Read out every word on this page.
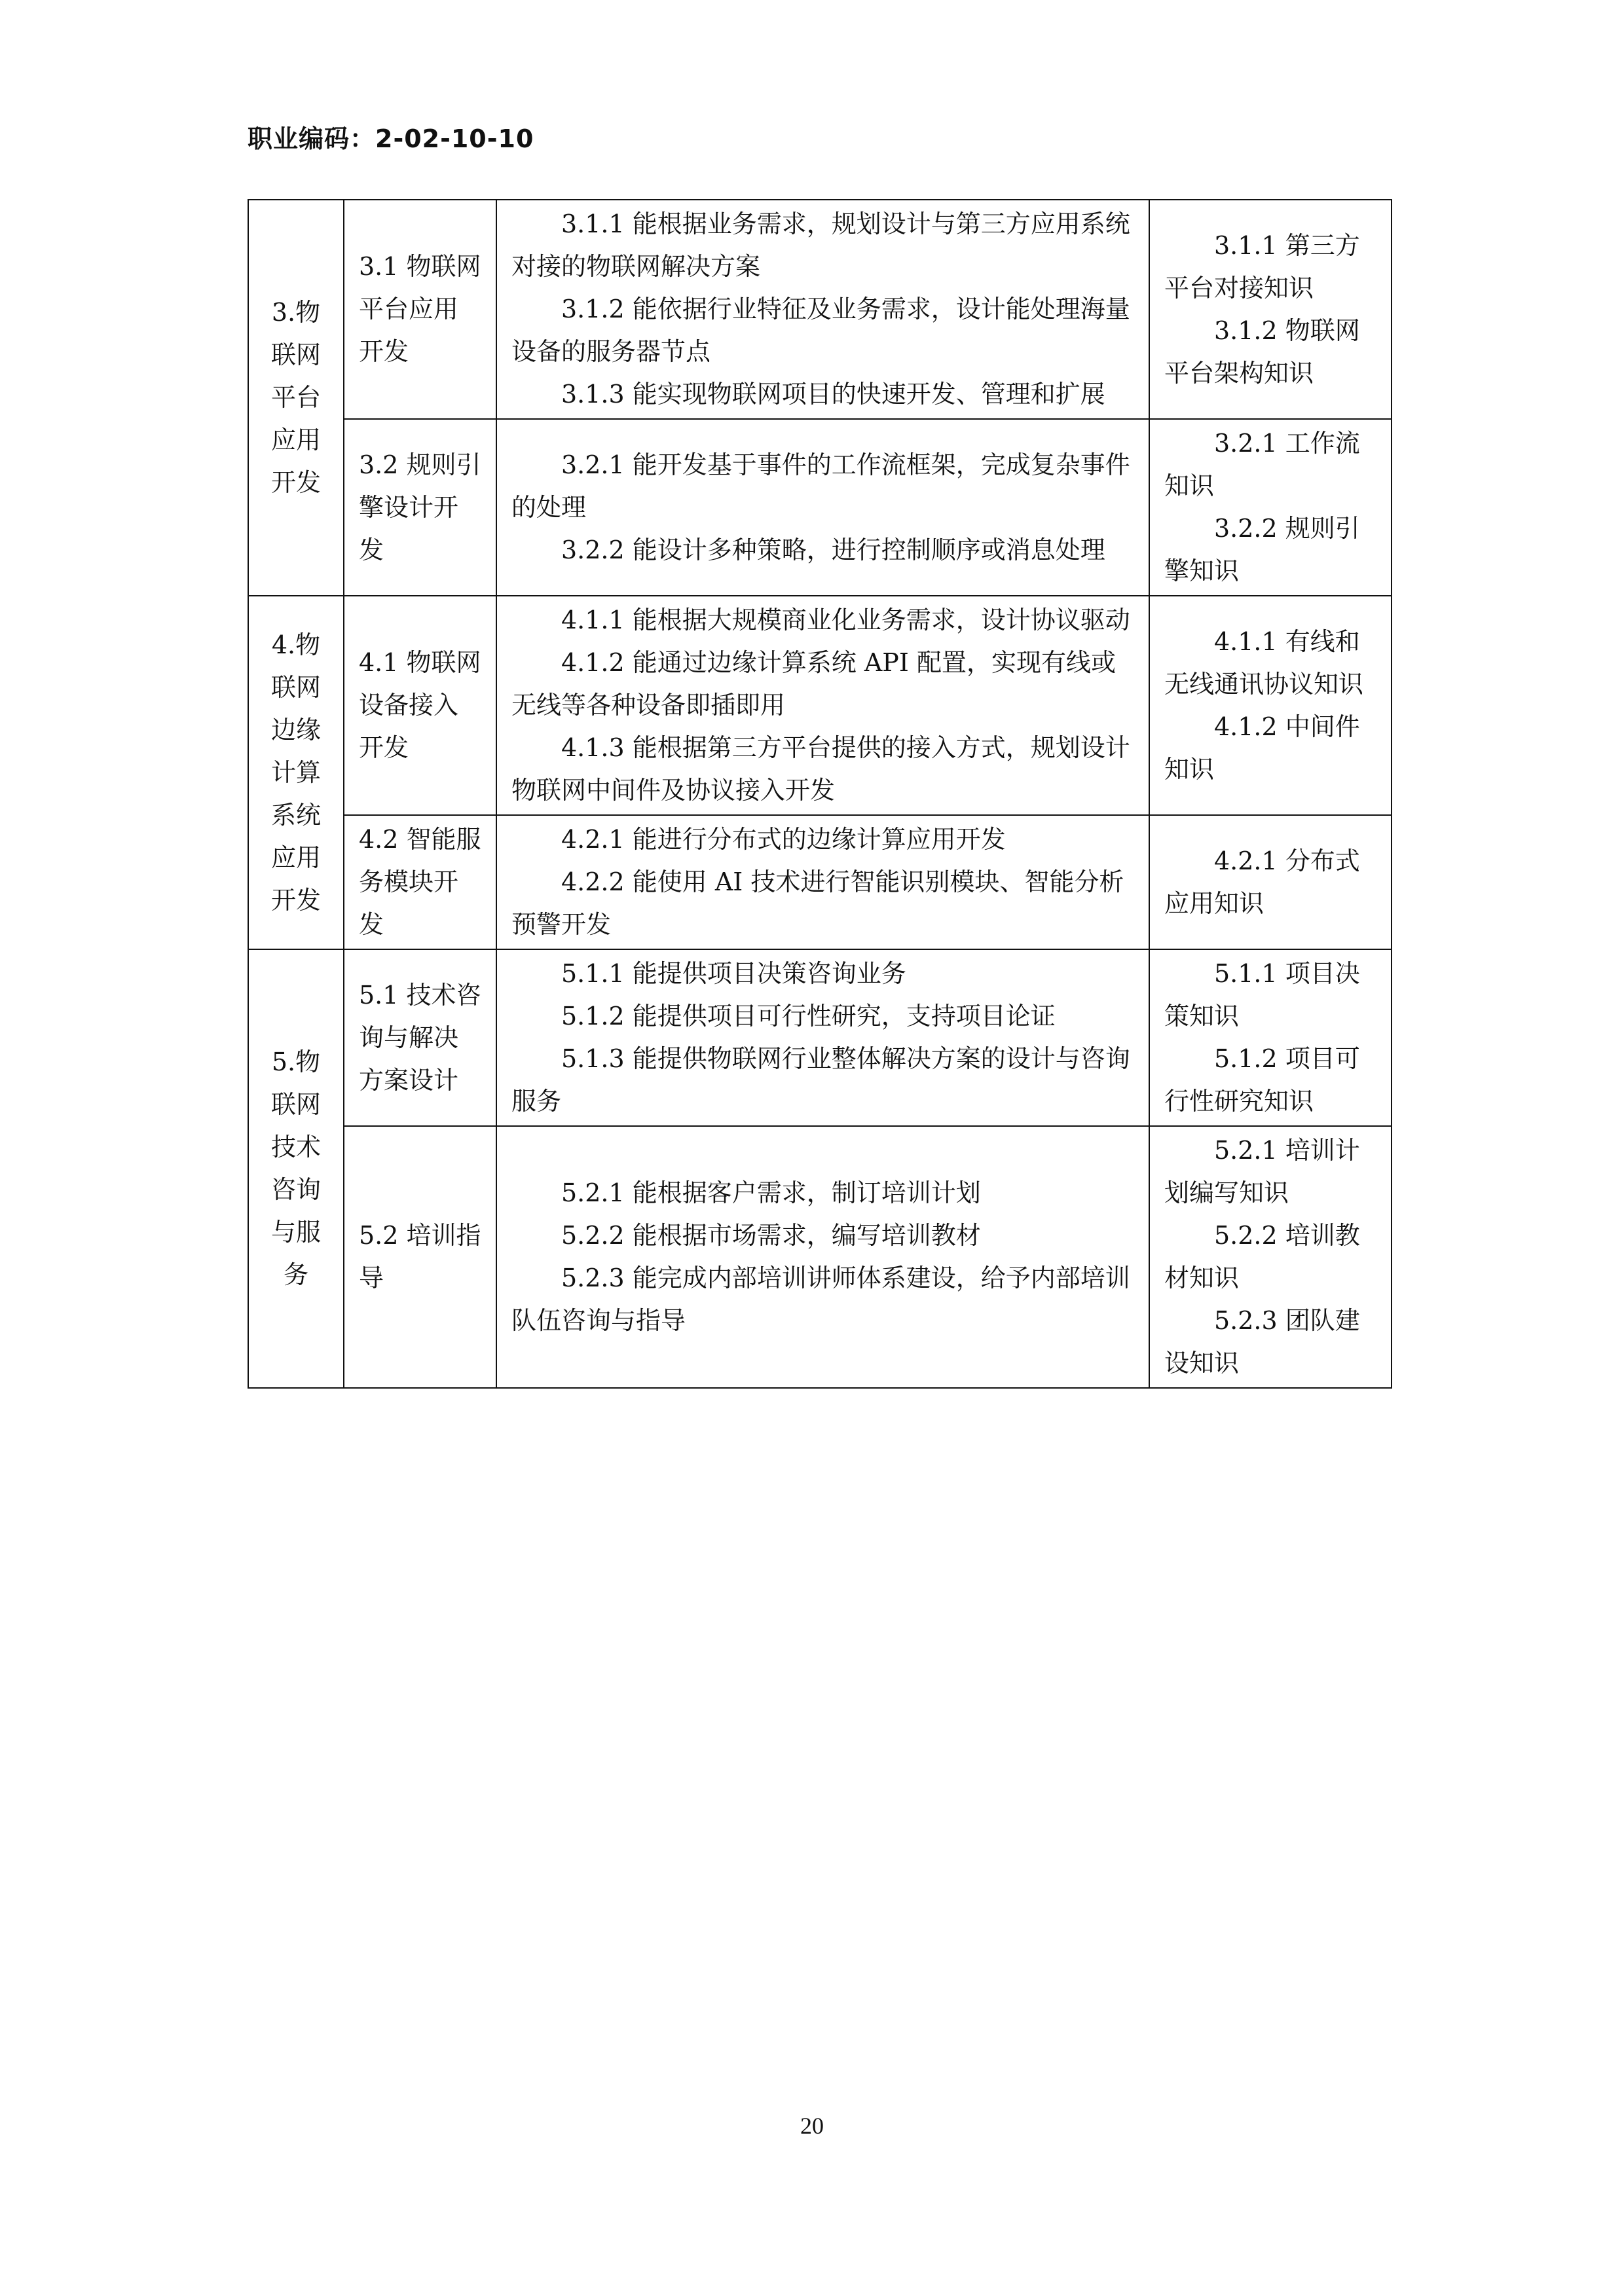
职业编码：2-02-10-10
3.物联网平台应用开发	3.1 物联网平台应用开发	3.1.1 能根据业务需求，规划设计与第三方应用系统对接的物联网解决方案
3.1.2 能依据行业特征及业务需求，设计能处理海量设备的服务器节点
3.1.3 能实现物联网项目的快速开发、管理和扩展	3.1.1 第三方平台对接知识
3.1.2 物联网平台架构知识

	3.2 规则引擎设计开发	3.2.1 能开发基于事件的工作流框架，完成复杂事件的处理
3.2.2 能设计多种策略，进行控制顺序或消息处理	3.2.1 工作流知识
3.2.2 规则引擎知识

4.物联网边缘计算系统应用开发	4.1 物联网设备接入开发	4.1.1 能根据大规模商业化业务需求，设计协议驱动
4.1.2 能通过边缘计算系统 API 配置，实现有线或无线等各种设备即插即用
4.1.3 能根据第三方平台提供的接入方式，规划设计物联网中间件及协议接入开发	4.1.1 有线和无线通讯协议知识
4.1.2 中间件知识

	4.2 智能服务模块开发	4.2.1 能进行分布式的边缘计算应用开发
4.2.2 能使用 AI 技术进行智能识别模块、智能分析预警开发	4.2.1 分布式应用知识

5.物联网技术咨询与服务	5.1 技术咨询与解决方案设计	5.1.1 能提供项目决策咨询业务
5.1.2 能提供项目可行性研究，支持项目论证
5.1.3 能提供物联网行业整体解决方案的设计与咨询服务	5.1.1 项目决策知识
5.1.2 项目可行性研究知识

	5.2 培训指导	5.2.1 能根据客户需求，制订培训计划
5.2.2 能根据市场需求，编写培训教材
5.2.3 能完成内部培训讲师体系建设，给予内部培训队伍咨询与指导	5.2.1 培训计划编写知识
5.2.2 培训教材知识
5.2.3 团队建设知识
20
